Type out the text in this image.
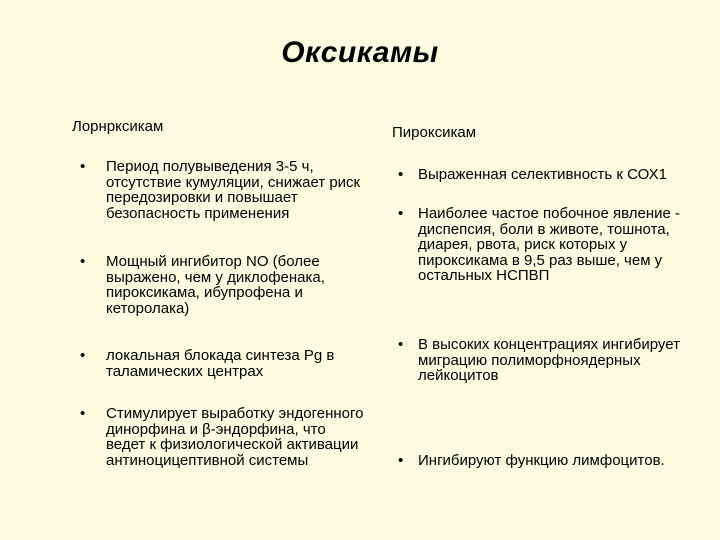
Оксикамы
Лорнрксикам	Пироксикам
• Период полувыведения 3-5 ч, отсутствие кумуляции, снижает риск передозировки и повышает безопасность применения
• Мощный ингибитор NO (более выражено, чем у диклофенака, пироксикама, ибупрофена и кеторолака)
• локальная блокада синтеза Pg в таламических центрах
• Стимулирует выработку эндогенного динорфина и β-эндорфина, что ведет к физиологической активации антиноцицептивной системы
• Выраженная селективность к СОХ1
• Наиболее частое побочное явление - диспепсия, боли в животе, тошнота, диарея, рвота, риск которых у пироксикама в 9,5 раз выше, чем у остальных НСПВП
• В высоких концентрациях ингибирует миграцию полиморфноядерных лейкоцитов
• Ингибируют функцию лимфоцитов.
